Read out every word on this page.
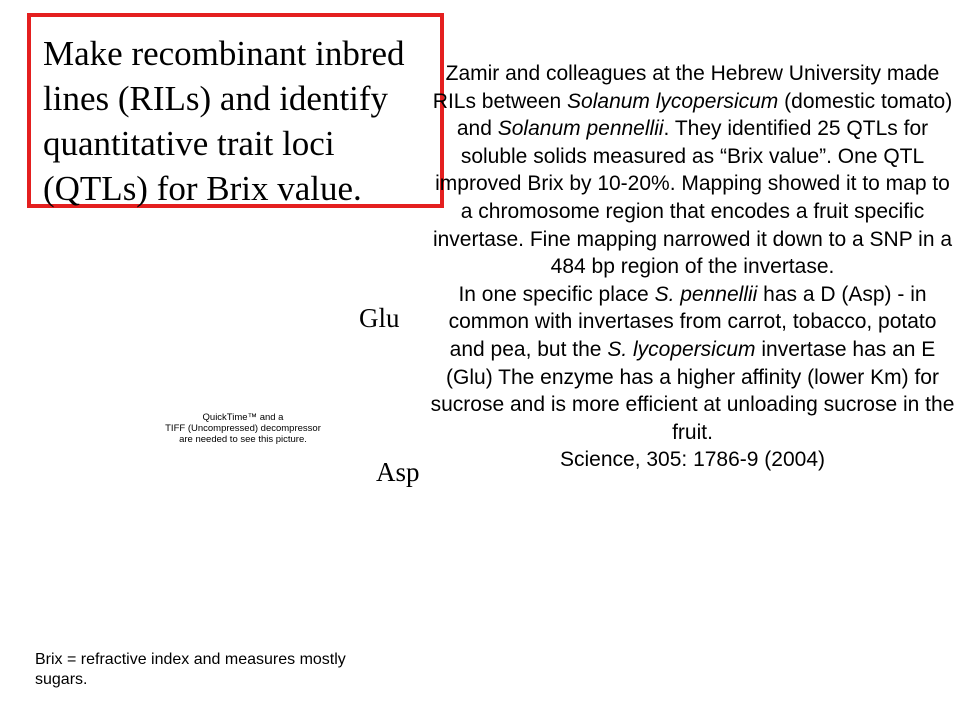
Make recombinant inbred lines (RILs) and identify quantitative trait loci (QTLs) for Brix value.

Zamir and colleagues at the Hebrew University made RILs between Solanum lycopersicum (domestic tomato) and Solanum pennellii. They identified 25 QTLs for soluble solids measured as “Brix value”. One QTL improved Brix by 10-20%. Mapping showed it to map to a chromosome region that encodes a fruit specific invertase. Fine mapping narrowed it down to a SNP in a 484 bp region of the invertase.

In one specific place S. pennellii has a D (Asp) - in common with invertases from carrot, tobacco, potato and pea, but the S. lycopersicum invertase has an E (Glu) The enzyme has a higher affinity (lower Km) for sucrose and is more efficient at unloading sucrose in the fruit.

Science, 305: 1786-9 (2004)

Glu
Asp
QuickTime™ and a
TIFF (Uncompressed) decompressor
are needed to see this picture.
Brix = refractive index and measures mostly sugars.
